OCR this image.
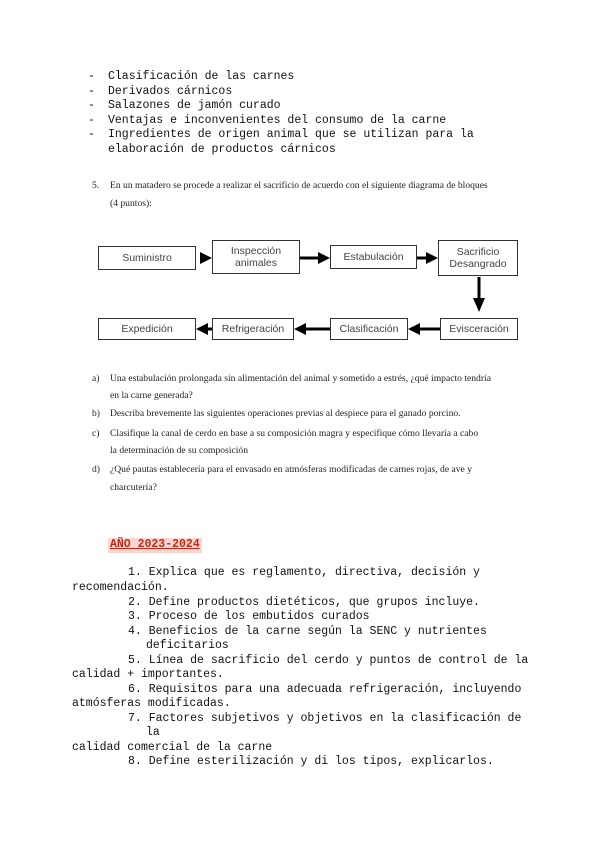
-	Clasificación de las carnes
-	Derivados cárnicos
-	Salazones de jamón curado
-	Ventajas e inconvenientes del consumo de la carne
-	Ingredientes de origen animal que se utilizan para la
elaboración de productos cárnicos
5. En un matadero se procede a realizar el sacrificio de acuerdo con el siguiente diagrama de bloques
(4 puntos):
Suministro
Inspección
animales	Estabulación	Sacrificio
Desangrado
Expedición	Refrigeración	Clasificación	Evisceración
a) Una estabulación prolongada sin alimentación del animal y sometido a estrés, ¿qué impacto tendría
en la carne generada?
b) Describa brevemente las siguientes operaciones previas al despiece para el ganado porcino.
c) Clasifique la canal de cerdo en base a su composición magra y especifique cómo llevaría a cabo
la determinación de su composición
d) ¿Qué pautas establecería para el envasado en atmósferas modificadas de carnes rojas, de ave y
charcutería?
AÑO 2023-2024
1. Explica que es reglamento, directiva, decisión y
recomendación.
2. Define productos dietéticos, que grupos incluye.
3. Proceso de los embutidos curados
4. Beneficios de la carne según la SENC y nutrientes
deficitarios
5. Línea de sacrificio del cerdo y puntos de control de la
calidad + importantes.
6. Requisitos para una adecuada refrigeración, incluyendo
atmósferas modificadas.
7. Factores subjetivos y objetivos en la clasificación de
la
calidad comercial de la carne
8. Define esterilización y di los tipos, explicarlos.
